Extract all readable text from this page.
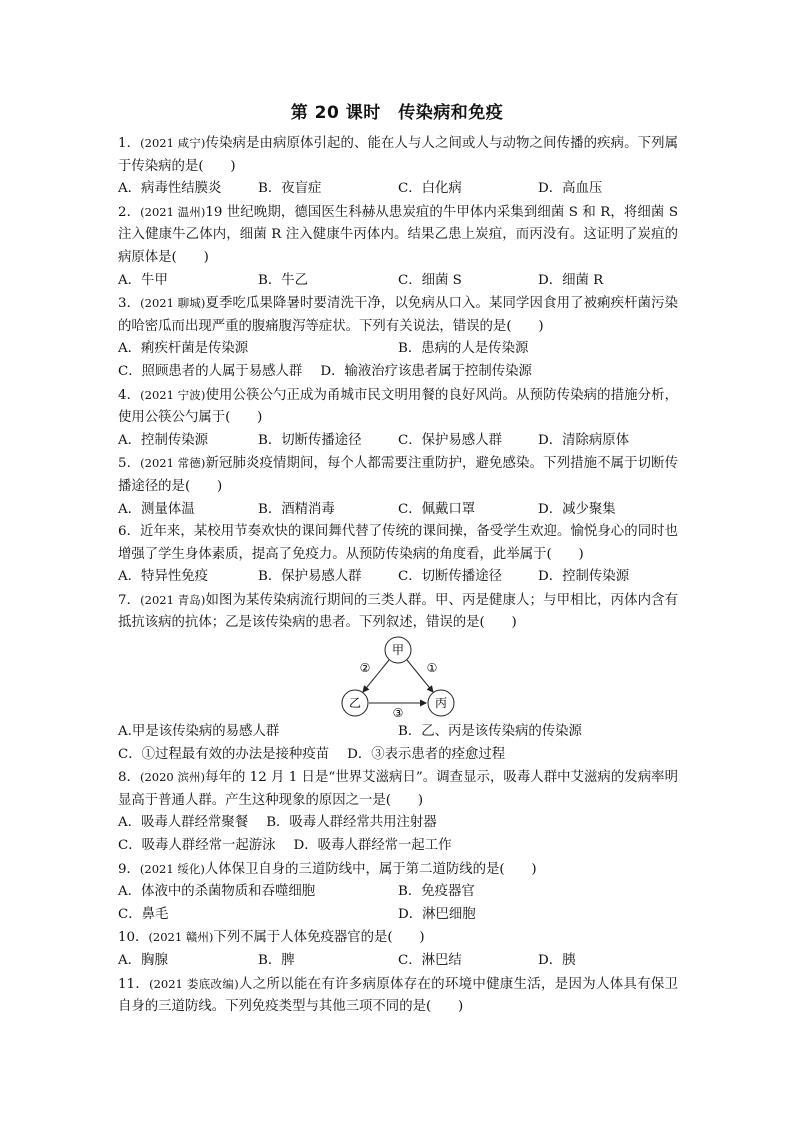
第 20 课时　传染病和免疫
1．(2021 咸宁)传染病是由病原体引起的、能在人与人之间或人与动物之间传播的疾病。下列属于传染病的是(　　)
A．病毒性结膜炎	B．夜盲症	C．白化病	D．高血压
2．(2021 温州)19 世纪晚期，德国医生科赫从患炭疽的牛甲体内采集到细菌 S 和 R，将细菌 S 注入健康牛乙体内，细菌 R 注入健康牛丙体内。结果乙患上炭疽，而丙没有。这证明了炭疽的病原体是(　　)
A．牛甲	B．牛乙	C．细菌 S	D．细菌 R
3．(2021 聊城)夏季吃瓜果降暑时要清洗干净，以免病从口入。某同学因食用了被痢疾杆菌污染的哈密瓜而出现严重的腹痛腹泻等症状。下列有关说法，错误的是(　　)
A．痢疾杆菌是传染源	B．患病的人是传染源
C．照顾患者的人属于易感人群 D．输液治疗该患者属于控制传染源
4．(2021 宁波)使用公筷公勺正成为甬城市民文明用餐的良好风尚。从预防传染病的措施分析，使用公筷公勺属于(　　)
A．控制传染源	B．切断传播途径	C．保护易感人群	D．清除病原体
5．(2021 常德)新冠肺炎疫情期间，每个人都需要注重防护，避免感染。下列措施不属于切断传播途径的是(　　)
A．测量体温	B．酒精消毒	C．佩戴口罩	D．减少聚集
6．近年来，某校用节奏欢快的课间舞代替了传统的课间操，备受学生欢迎。愉悦身心的同时也增强了学生身体素质，提高了免疫力。从预防传染病的角度看，此举属于(　　)
A．特异性免疫	B．保护易感人群	C．切断传播途径	D．控制传染源
7．(2021 青岛)如图为某传染病流行期间的三类人群。甲、丙是健康人；与甲相比，丙体内含有抵抗该病的抗体；乙是该传染病的患者。下列叙述，错误的是(　　)
甲
乙	丙
②	①
③
A.甲是该传染病的易感人群	B．乙、丙是该传染病的传染源
C．①过程最有效的办法是接种疫苗 D．③表示患者的痊愈过程
8．(2020 滨州)每年的 12 月 1 日是“世界艾滋病日”。调查显示，吸毒人群中艾滋病的发病率明显高于普通人群。产生这种现象的原因之一是(　　)
A．吸毒人群经常聚餐 B．吸毒人群经常共用注射器
C．吸毒人群经常一起游泳 D．吸毒人群经常一起工作
9．(2021 绥化)人体保卫自身的三道防线中，属于第二道防线的是(　　)
A．体液中的杀菌物质和吞噬细胞	B．免疫器官
C．鼻毛	D．淋巴细胞
10．(2021 赣州)下列不属于人体免疫器官的是(　　)
A．胸腺	B．脾	C．淋巴结	D．胰
11．(2021 娄底改编)人之所以能在有许多病原体存在的环境中健康生活，是因为人体具有保卫自身的三道防线。下列免疫类型与其他三项不同的是(　　)
